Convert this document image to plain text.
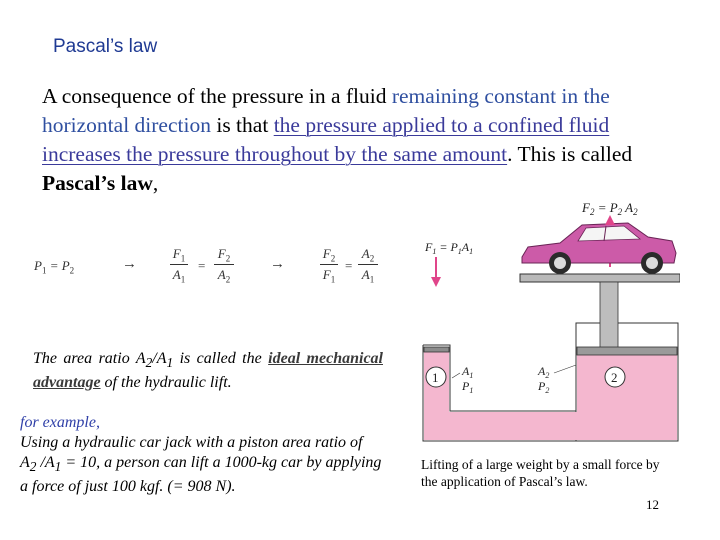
Pascal’s law
A consequence of the pressure in a fluid remaining constant in the horizontal direction is that the pressure applied to a confined fluid increases the pressure throughout by the same amount. This is called Pascal’s law,
$P_1 = P_2$	→
$F_1$
$A_1$
=
$F_2$
$A_2$
→
$F_2$
$F_1$
=
$A_2$
$A_1$
The area ratio $A_2/A_1$ is called the ideal mechanical advantage of the hydraulic lift.
for example,
Using a hydraulic car jack with a piston area ratio of $A_2$ $/A_1 = 10$, a person can lift a 1000-kg car by applying a force of just 100 kgf. (= 908 N).
$F_2 = P_2$ $A_2$
$F_1 = P_1A_1$
1	2
$A_1$
$P_1$
$A_2$
$P_2$
Lifting of a large weight by a small force by the application of Pascal’s law.
12
